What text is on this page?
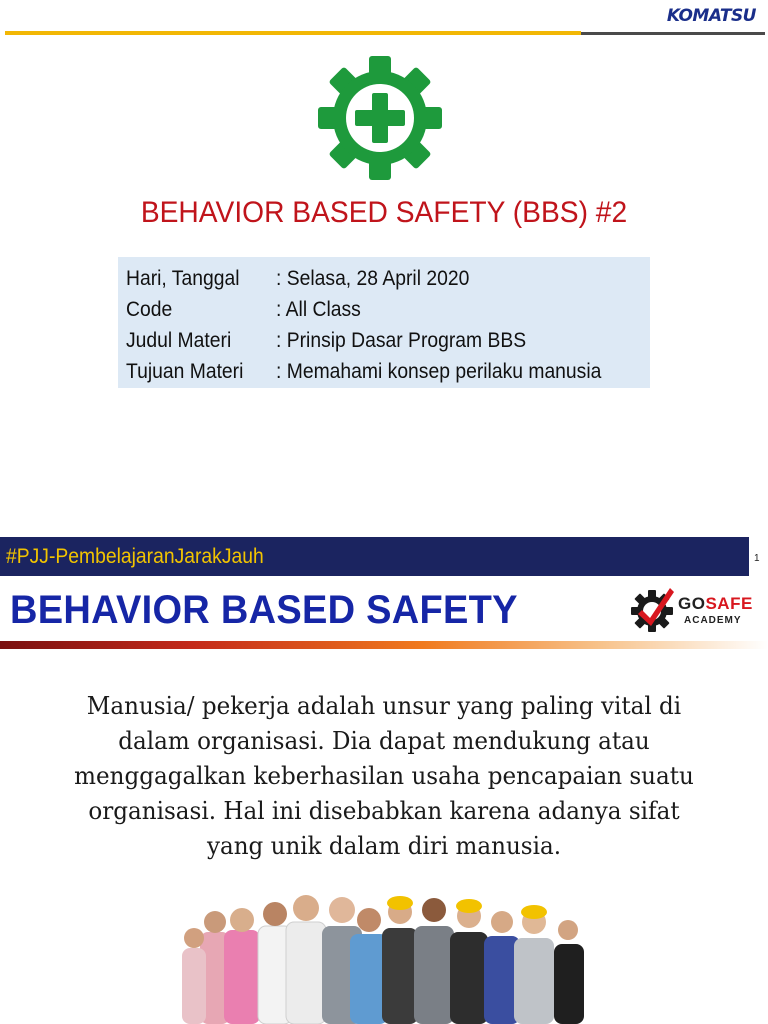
KOMATSU
BEHAVIOR BASED SAFETY (BBS) #2
Hari, Tanggal	: Selasa, 28 April 2020
Code	: All Class
Judul Materi	: Prinsip Dasar Program BBS
Tujuan Materi	: Memahami konsep perilaku manusia
#PJJ-PembelajaranJarakJauh	1
BEHAVIOR BASED SAFETY	GOSAFE
ACADEMY
Manusia/ pekerja adalah unsur yang paling vital di
dalam organisasi. Dia dapat mendukung atau
menggagalkan keberhasilan usaha pencapaian suatu
organisasi. Hal ini disebabkan karena adanya sifat
yang unik dalam diri manusia.
